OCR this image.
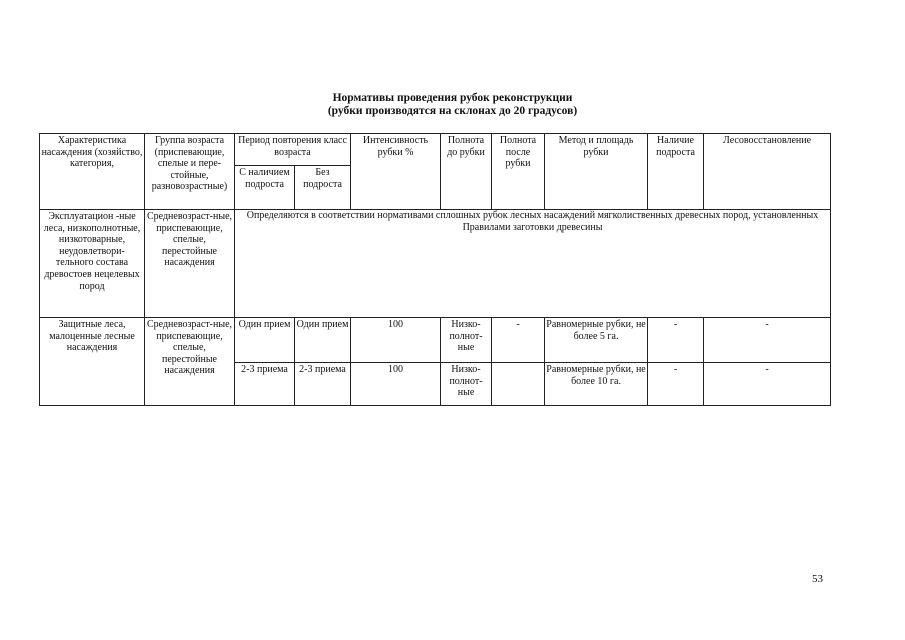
Нормативы проведения рубок реконструкции
(рубки производятся на склонах до 20 градусов)
Характеристика насаждения (хозяйство, категория,	Группа возраста (приспевающие, спелые и пере-стойные, разновозрастные)	Период повторения класс возраста		Интенсивность рубки %	Полнота до рубки	Полнота после рубки	Метод и площадь рубки	Наличие подроста	Лесовосстановление
		С наличием подроста	Без подроста						
Эксплуатацион -ные леса, низкополнотные, низкотоварные, неудовлетвори-тельного состава древостоев нецелевых пород	Средневозраст-ные, приспевающие, спелые, перестойные насаждения	Определяются в соответствии нормативами сплошных рубок лесных насаждений мягколиственных древесных пород, установленных Правилами заготовки древесины							
Защитные леса, малоценные лесные насаждения	Средневозраст-ные, приспевающие, спелые, перестойные насаждения	Один прием	Один прием	100	Низко-полнот-ные	-	Равномерные рубки, не более 5 га.	-	-
		2-3 приема	2-3 приема	100	Низко-полнот-ные		Равномерные рубки, не более 10 га.	-	-
53
